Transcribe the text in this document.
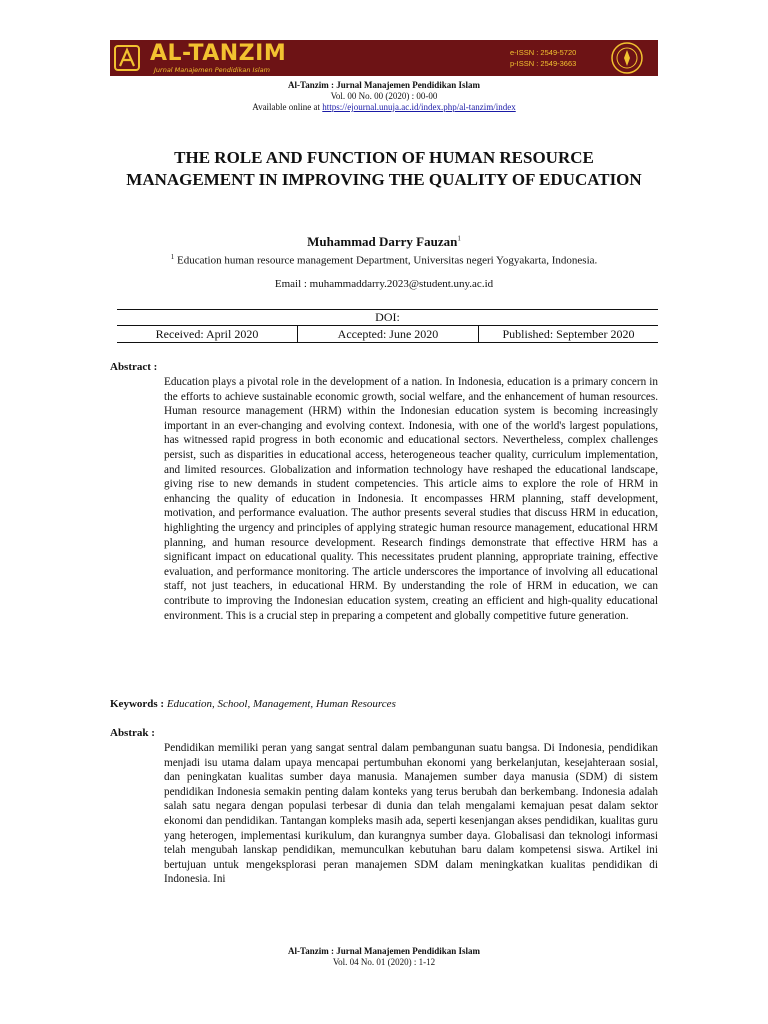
AL-TANZIM
Jurnal Manajemen Pendidikan Islam
e-ISSN : 2549-5720
p-ISSN : 2549-3663
Al-Tanzim : Jurnal Manajemen Pendidikan Islam
Vol. 00 No. 00 (2020) : 00-00
Available online at https://ejournal.unuja.ac.id/index.php/al-tanzim/index
THE ROLE AND FUNCTION OF HUMAN RESOURCE MANAGEMENT IN IMPROVING THE QUALITY OF EDUCATION
Muhammad Darry Fauzan$^1$
$^1$ Education human resource management Department, Universitas negeri Yogyakarta, Indonesia.
Email : muhammaddarry.2023@student.uny.ac.id
DOI:
Received: April 2020	Accepted: June 2020	Published: September 2020
Abstract :
Education plays a pivotal role in the development of a nation. In Indonesia, education is a primary concern in the efforts to achieve sustainable economic growth, social welfare, and the enhancement of human resources. Human resource management (HRM) within the Indonesian education system is becoming increasingly important in an ever-changing and evolving context. Indonesia, with one of the world's largest populations, has witnessed rapid progress in both economic and educational sectors. Nevertheless, complex challenges persist, such as disparities in educational access, heterogeneous teacher quality, curriculum implementation, and limited resources. Globalization and information technology have reshaped the educational landscape, giving rise to new demands in student competencies. This article aims to explore the role of HRM in enhancing the quality of education in Indonesia. It encompasses HRM planning, staff development, motivation, and performance evaluation. The author presents several studies that discuss HRM in education, highlighting the urgency and principles of applying strategic human resource management, educational HRM planning, and human resource development. Research findings demonstrate that effective HRM has a significant impact on educational quality. This necessitates prudent planning, appropriate training, effective evaluation, and performance monitoring. The article underscores the importance of involving all educational staff, not just teachers, in educational HRM. By understanding the role of HRM in education, we can contribute to improving the Indonesian education system, creating an efficient and high-quality educational environment. This is a crucial step in preparing a competent and globally competitive future generation.
Keywords : Education, School, Management, Human Resources
Abstrak :
Pendidikan memiliki peran yang sangat sentral dalam pembangunan suatu bangsa. Di Indonesia, pendidikan menjadi isu utama dalam upaya mencapai pertumbuhan ekonomi yang berkelanjutan, kesejahteraan sosial, dan peningkatan kualitas sumber daya manusia. Manajemen sumber daya manusia (SDM) di sistem pendidikan Indonesia semakin penting dalam konteks yang terus berubah dan berkembang. Indonesia adalah salah satu negara dengan populasi terbesar di dunia dan telah mengalami kemajuan pesat dalam sektor ekonomi dan pendidikan. Tantangan kompleks masih ada, seperti kesenjangan akses pendidikan, kualitas guru yang heterogen, implementasi kurikulum, dan kurangnya sumber daya. Globalisasi dan teknologi informasi telah mengubah lanskap pendidikan, memunculkan kebutuhan baru dalam kompetensi siswa. Artikel ini bertujuan untuk mengeksplorasi peran manajemen SDM dalam meningkatkan kualitas pendidikan di Indonesia. Ini
Al-Tanzim : Jurnal Manajemen Pendidikan Islam
Vol. 04 No. 01 (2020) : 1-12
